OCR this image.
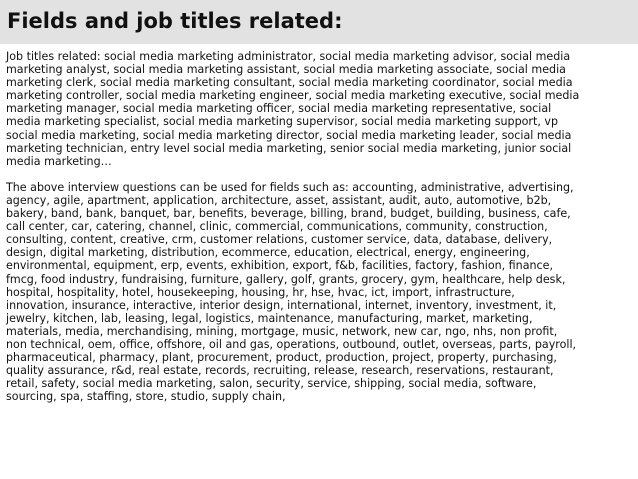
Fields and job titles related:

Job titles related: social media marketing administrator, social media marketing advisor, social media
marketing analyst, social media marketing assistant, social media marketing associate, social media
marketing clerk, social media marketing consultant, social media marketing coordinator, social media
marketing controller, social media marketing engineer, social media marketing executive, social media
marketing manager, social media marketing officer, social media marketing representative, social
media marketing specialist, social media marketing supervisor, social media marketing support, vp
social media marketing, social media marketing director, social media marketing leader, social media
marketing technician, entry level social media marketing, senior social media marketing, junior social
media marketing…

The above interview questions can be used for fields such as: accounting, administrative, advertising,
agency, agile, apartment, application, architecture, asset, assistant, audit, auto, automotive, b2b,
bakery, band, bank, banquet, bar, benefits, beverage, billing, brand, budget, building, business, cafe,
call center, car, catering, channel, clinic, commercial, communications, community, construction,
consulting, content, creative, crm, customer relations, customer service, data, database, delivery,
design, digital marketing, distribution, ecommerce, education, electrical, energy, engineering,
environmental, equipment, erp, events, exhibition, export, f&b, facilities, factory, fashion, finance,
fmcg, food industry, fundraising, furniture, gallery, golf, grants, grocery, gym, healthcare, help desk,
hospital, hospitality, hotel, housekeeping, housing, hr, hse, hvac, ict, import, infrastructure,
innovation, insurance, interactive, interior design, international, internet, inventory, investment, it,
jewelry, kitchen, lab, leasing, legal, logistics, maintenance, manufacturing, market, marketing,
materials, media, merchandising, mining, mortgage, music, network, new car, ngo, nhs, non profit,
non technical, oem, office, offshore, oil and gas, operations, outbound, outlet, overseas, parts, payroll,
pharmaceutical, pharmacy, plant, procurement, product, production, project, property, purchasing,
quality assurance, r&d, real estate, records, recruiting, release, research, reservations, restaurant,
retail, safety, social media marketing, salon, security, service, shipping, social media, software,
sourcing, spa, staffing, store, studio, supply chain,
